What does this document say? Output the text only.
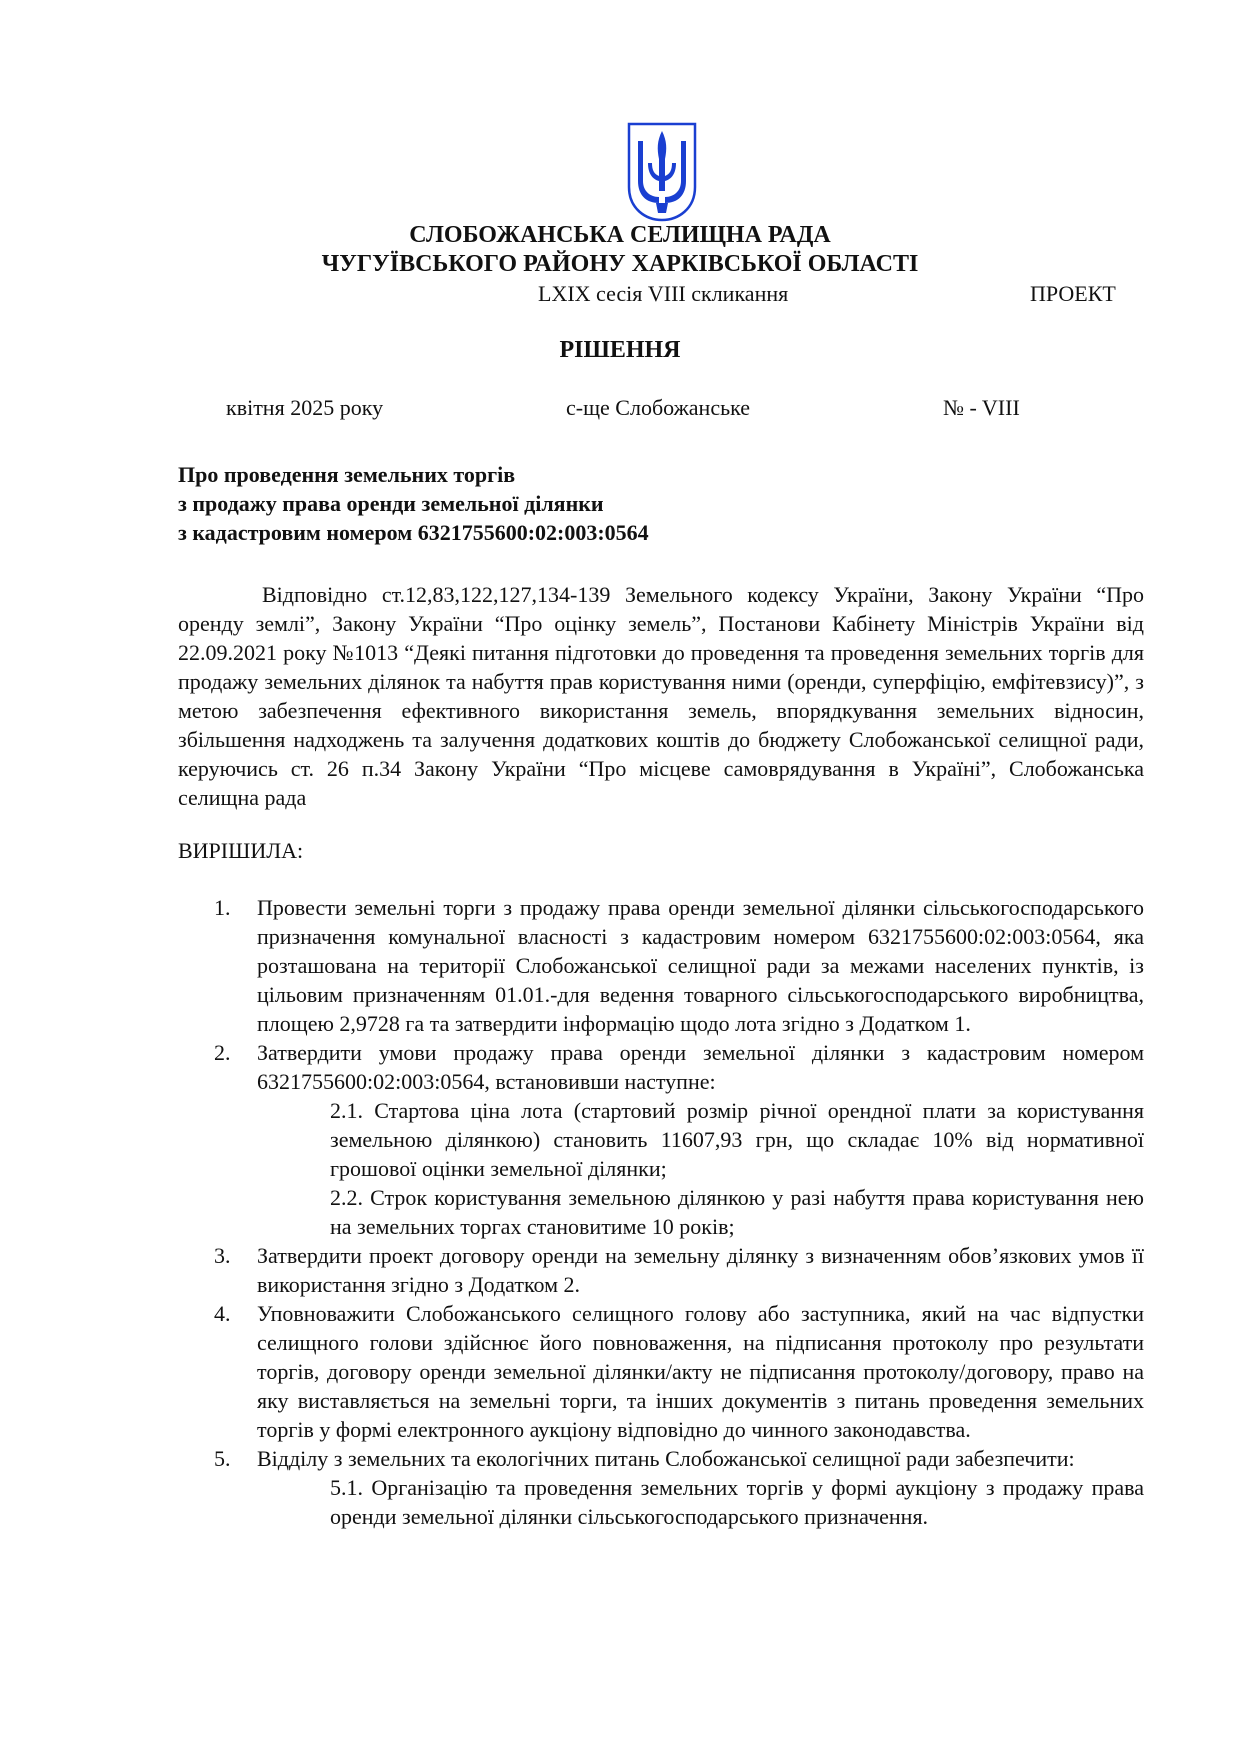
СЛОБОЖАНСЬКА СЕЛИЩНА РАДА
ЧУГУЇВСЬКОГО РАЙОНУ ХАРКІВСЬКОЇ ОБЛАСТІ
LXIX сесія VIII скликання	ПРОЕКТ
РІШЕННЯ
квітня 2025 року	с-ще Слобожанське	№ - VIII
Про проведення земельних торгів
з продажу права оренди земельної ділянки
з кадастровим номером 6321755600:02:003:0564
Відповідно ст.12,83,122,127,134-139 Земельного кодексу України, Закону України “Про оренду землі”, Закону України “Про оцінку земель”, Постанови Кабінету Міністрів України від 22.09.2021 року №1013 “Деякі питання підготовки до проведення та проведення земельних торгів для продажу земельних ділянок та набуття прав користування ними (оренди, суперфіцію, емфітевзису)”, з метою забезпечення ефективного використання земель, впорядкування земельних відносин, збільшення надходжень та залучення додаткових коштів до бюджету Слобожанської селищної ради, керуючись ст. 26 п.34 Закону України “Про місцеве самоврядування в Україні”, Слобожанська селищна рада
ВИРІШИЛА:
1. Провести земельні торги з продажу права оренди земельної ділянки сільськогосподарського призначення комунальної власності з кадастровим номером 6321755600:02:003:0564, яка розташована на території Слобожанської селищної ради за межами населених пунктів, із цільовим призначенням 01.01.-для ведення товарного сільськогосподарського виробництва, площею 2,9728 га та затвердити інформацію щодо лота згідно з Додатком 1.
2. Затвердити умови продажу права оренди земельної ділянки з кадастровим номером 6321755600:02:003:0564, встановивши наступне:
2.1. Стартова ціна лота (стартовий розмір річної орендної плати за користування земельною ділянкою) становить 11607,93 грн, що складає 10% від нормативної грошової оцінки земельної ділянки;
2.2. Строк користування земельною ділянкою у разі набуття права користування нею на земельних торгах становитиме 10 років;
3. Затвердити проект договору оренди на земельну ділянку з визначенням обов’язкових умов її використання згідно з Додатком 2.
4. Уповноважити Слобожанського селищного голову або заступника, який на час відпустки селищного голови здійснює його повноваження, на підписання протоколу про результати торгів, договору оренди земельної ділянки/акту не підписання протоколу/договору, право на яку виставляється на земельні торги, та інших документів з питань проведення земельних торгів у формі електронного аукціону відповідно до чинного законодавства.
5. Відділу з земельних та екологічних питань Слобожанської селищної ради забезпечити:
5.1. Організацію та проведення земельних торгів у формі аукціону з продажу права оренди земельної ділянки сільськогосподарського призначення.
